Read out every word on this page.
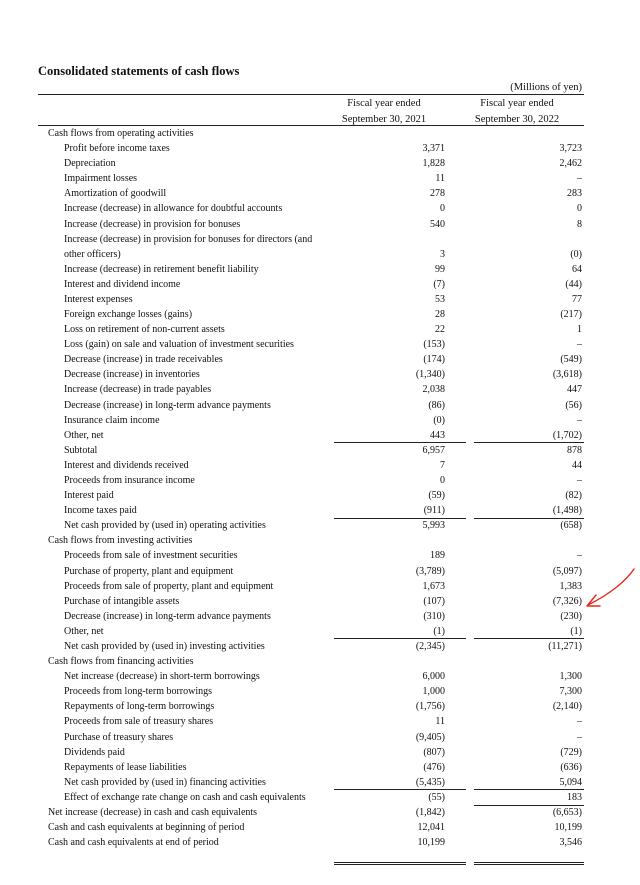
Consolidated statements of cash flows
(Millions of yen)
Fiscal year ended
September 30, 2021
Fiscal year ended
September 30, 2022
Cash flows from operating activities
Profit before income taxes	3,371	3,723
Depreciation	1,828	2,462
Impairment losses	11	–
Amortization of goodwill	278	283
Increase (decrease) in allowance for doubtful accounts	0	0
Increase (decrease) in provision for bonuses	540	8
Increase (decrease) in provision for bonuses for directors (and other officers)	3	(0)
Increase (decrease) in retirement benefit liability	99	64
Interest and dividend income	(7)	(44)
Interest expenses	53	77
Foreign exchange losses (gains)	28	(217)
Loss on retirement of non-current assets	22	1
Loss (gain) on sale and valuation of investment securities	(153)	–
Decrease (increase) in trade receivables	(174)	(549)
Decrease (increase) in inventories	(1,340)	(3,618)
Increase (decrease) in trade payables	2,038	447
Decrease (increase) in long-term advance payments	(86)	(56)
Insurance claim income	(0)	–
Other, net	443	(1,702)
Subtotal	6,957	878
Interest and dividends received	7	44
Proceeds from insurance income	0	–
Interest paid	(59)	(82)
Income taxes paid	(911)	(1,498)
Net cash provided by (used in) operating activities	5,993	(658)
Cash flows from investing activities
Proceeds from sale of investment securities	189	–
Purchase of property, plant and equipment	(3,789)	(5,097)
Proceeds from sale of property, plant and equipment	1,673	1,383
Purchase of intangible assets	(107)	(7,326)
Decrease (increase) in long-term advance payments	(310)	(230)
Other, net	(1)	(1)
Net cash provided by (used in) investing activities	(2,345)	(11,271)
Cash flows from financing activities
Net increase (decrease) in short-term borrowings	6,000	1,300
Proceeds from long-term borrowings	1,000	7,300
Repayments of long-term borrowings	(1,756)	(2,140)
Proceeds from sale of treasury shares	11	–
Purchase of treasury shares	(9,405)	–
Dividends paid	(807)	(729)
Repayments of lease liabilities	(476)	(636)
Net cash provided by (used in) financing activities	(5,435)	5,094
Effect of exchange rate change on cash and cash equivalents	(55)	183
Net increase (decrease) in cash and cash equivalents	(1,842)	(6,653)
Cash and cash equivalents at beginning of period	12,041	10,199
Cash and cash equivalents at end of period	10,199	3,546
